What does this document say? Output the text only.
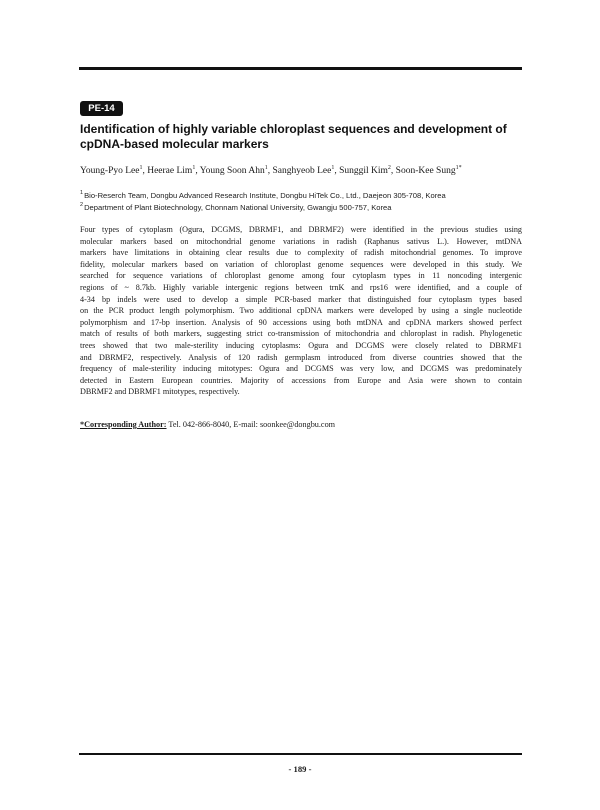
PE-14
Identification of highly variable chloroplast sequences and development of
cpDNA-based molecular markers
Young-Pyo Lee$^1$, Heerae Lim$^1$, Young Soon Ahn$^1$, Sanghyeob Lee$^1$, Sunggil Kim$^2$, Soon-Kee Sung$^{1*}$
$^1$Bio-Reserch Team, Dongbu Advanced Research Institute, Dongbu HiTek Co., Ltd., Daejeon 305-708, Korea
$^2$Department of Plant Biotechnology, Chonnam National University, Gwangju 500-757, Korea
Four types of cytoplasm (Ogura, DCGMS, DBRMF1, and DBRMF2) were identified in the previous studies using
molecular markers based on mitochondrial genome variations in radish (Raphanus sativus L.). However, mtDNA
markers have limitations in obtaining clear results due to complexity of radish mitochondrial genomes. To improve
fidelity, molecular markers based on variation of chloroplast genome sequences were developed in this study. We
searched for sequence variations of chloroplast genome among four cytoplasm types in 11 noncoding intergenic
regions of ~ 8.7kb. Highly variable intergenic regions between trnK and rps16 were identified, and a couple of
4-34 bp indels were used to develop a simple PCR-based marker that distinguished four cytoplasm types based
on the PCR product length polymorphism. Two additional cpDNA markers were developed by using a single nucleotide
polymorphism and 17-bp insertion. Analysis of 90 accessions using both mtDNA and cpDNA markers showed perfect
match of results of both markers, suggesting strict co-transmission of mitochondria and chloroplast in radish. Phylogenetic
trees showed that two male-sterility inducing cytoplasms: Ogura and DCGMS were closely related to DBRMF1
and DBRMF2, respectively. Analysis of 120 radish germplasm introduced from diverse countries showed that the
frequency of male-sterility inducing mitotypes: Ogura and DCGMS was very low, and DCGMS was predominately
detected in Eastern European countries. Majority of accessions from Europe and Asia were shown to contain
DBRMF2 and DBRMF1 mitotypes, respectively.
*Corresponding Author: Tel. 042-866-8040, E-mail: soonkee@dongbu.com
- 189 -
